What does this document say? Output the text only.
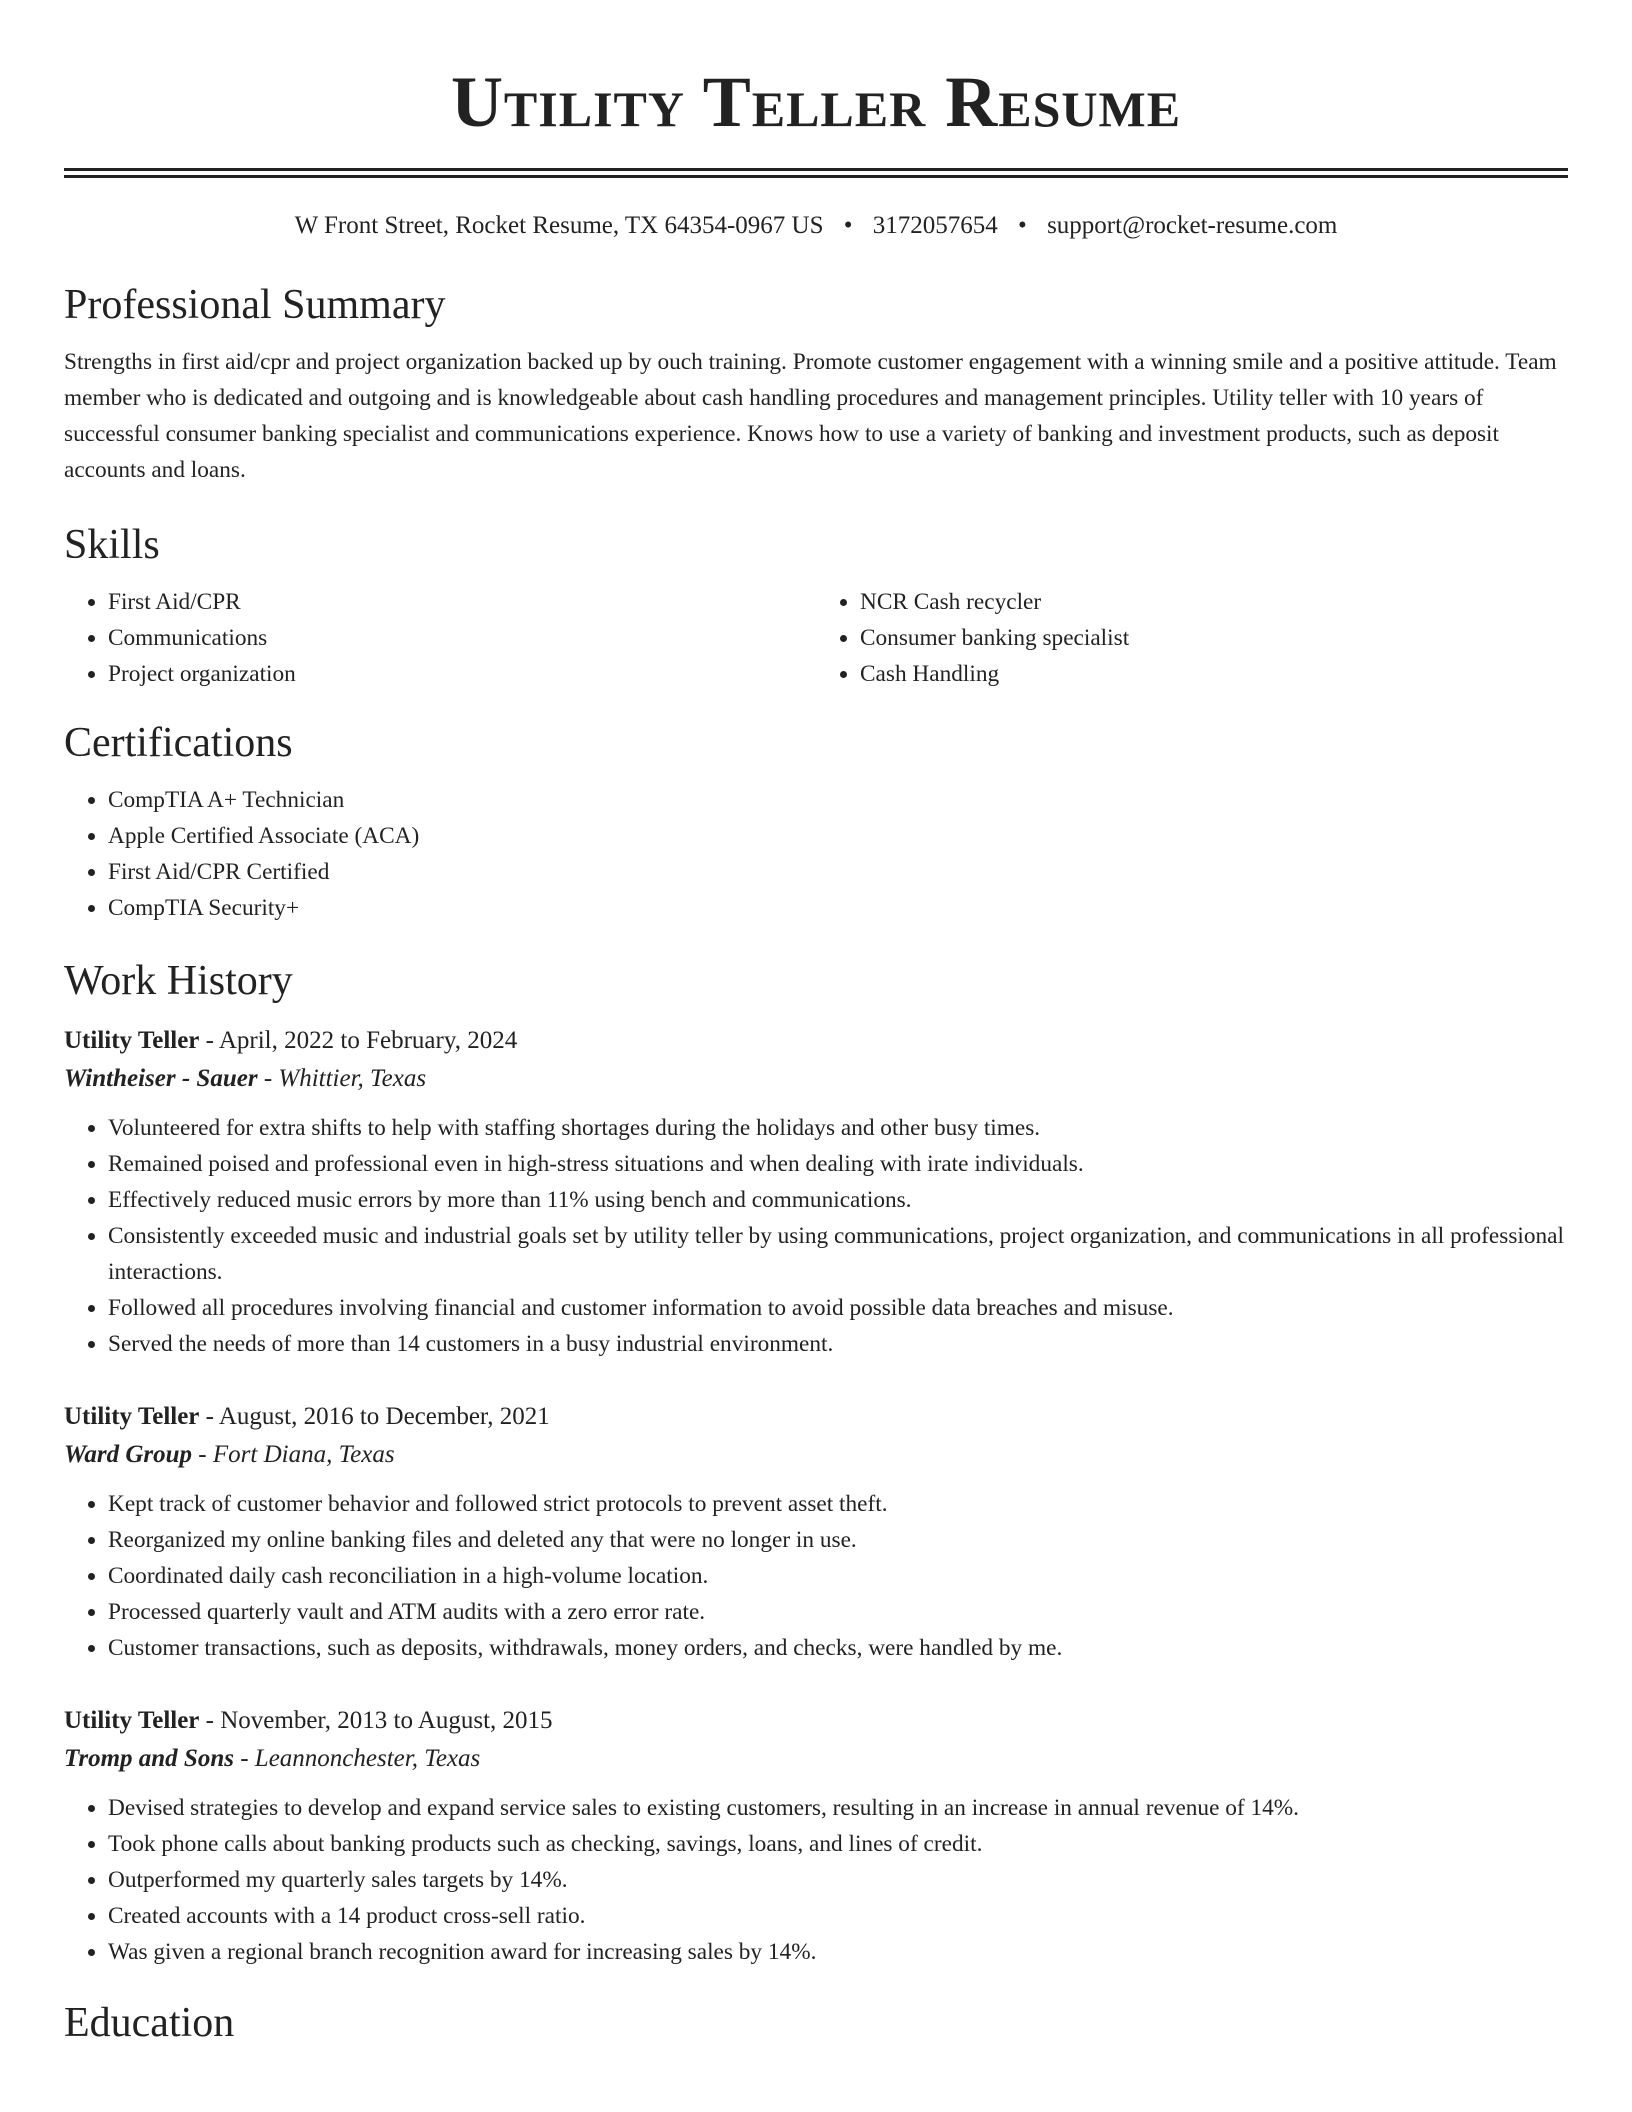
Utility Teller Resume
W Front Street, Rocket Resume, TX 64354-0967 US • 3172057654 • support@rocket-resume.com
Professional Summary

Strengths in first aid/cpr and project organization backed up by ouch training. Promote customer engagement with a winning smile and a positive attitude. Team member who is dedicated and outgoing and is knowledgeable about cash handling procedures and management principles. Utility teller with 10 years of successful consumer banking specialist and communications experience. Knows how to use a variety of banking and investment products, such as deposit accounts and loans.

Skills
• First Aid/CPR
• Communications
• Project organization
• NCR Cash recycler
• Consumer banking specialist
• Cash Handling
Certifications
• CompTIA A+ Technician
• Apple Certified Associate (ACA)
• First Aid/CPR Certified
• CompTIA Security+
Work History
Utility Teller - April, 2022 to February, 2024
Wintheiser - Sauer - Whittier, Texas
• Volunteered for extra shifts to help with staffing shortages during the holidays and other busy times.
• Remained poised and professional even in high-stress situations and when dealing with irate individuals.
• Effectively reduced music errors by more than 11% using bench and communications.
• Consistently exceeded music and industrial goals set by utility teller by using communications, project organization, and communications in all professional interactions.
• Followed all procedures involving financial and customer information to avoid possible data breaches and misuse.
• Served the needs of more than 14 customers in a busy industrial environment.
Utility Teller - August, 2016 to December, 2021
Ward Group - Fort Diana, Texas
• Kept track of customer behavior and followed strict protocols to prevent asset theft.
• Reorganized my online banking files and deleted any that were no longer in use.
• Coordinated daily cash reconciliation in a high-volume location.
• Processed quarterly vault and ATM audits with a zero error rate.
• Customer transactions, such as deposits, withdrawals, money orders, and checks, were handled by me.
Utility Teller - November, 2013 to August, 2015
Tromp and Sons - Leannonchester, Texas
• Devised strategies to develop and expand service sales to existing customers, resulting in an increase in annual revenue of 14%.
• Took phone calls about banking products such as checking, savings, loans, and lines of credit.
• Outperformed my quarterly sales targets by 14%.
• Created accounts with a 14 product cross-sell ratio.
• Was given a regional branch recognition award for increasing sales by 14%.
Education
